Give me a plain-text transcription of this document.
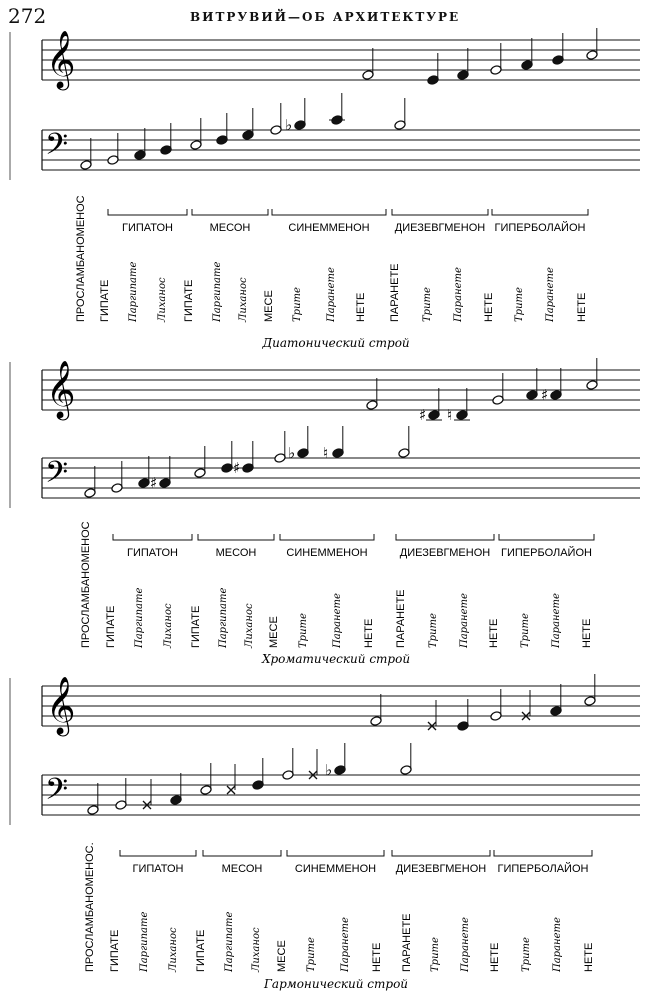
272	ВИТРУВИЙ—ОБ АРХИТЕКТУРЕ
𝄞
𝄢
♭
ГИПАТОН	МЕСОН	СИНЕММЕНОН ДИЕЗЕВГМЕНОН ГИПЕРБОЛАЙОН
ПРОСЛAМБАНОМЕНОС ГИПАТЕ Паргипате Лиханос ГИПАТЕ Паргипате Лиханос МЕСЕ Трите Паранете НЕТЕ ПАРАНЕТЕ Трите Паранете НЕТЕ Трите Паранете НЕТЕ
Диатонический строй
𝄞
𝄢	♯
♯
♭ ♮
♯ ♮
♯
ГИПАТОН	МЕСОН	СИНЕММЕНОН	ДИЕЗЕВГМЕНОН ГИПЕРБОЛАЙОН
ПРОСЛAМБАНОМЕНОС ГИПАТЕ Паргипате Лиханос ГИПАТЕ Паргипате Лиханос МЕСЕ Трите Паранете НЕТЕ ПАРАНЕТЕ Трите Паранете НЕТЕ Трите Паранете НЕТЕ
Хроматический строй
𝄞
𝄢
♭
ГИПАТОН	МЕСОН	СИНЕММЕНОН ДИЕЗЕВГМЕНОН ГИПЕРБОЛАЙОН
ПРОСЛAМБАНОМЕНОС. ГИПАТЕ Паргипате Лиханос ГИПАТЕ Паргипате Лиханос МЕСЕ Трите Паранете НЕТЕ ПАРАНЕТЕ Трите Паранете НЕТЕ Трите Паранете НЕТЕ
Гармонический строй
